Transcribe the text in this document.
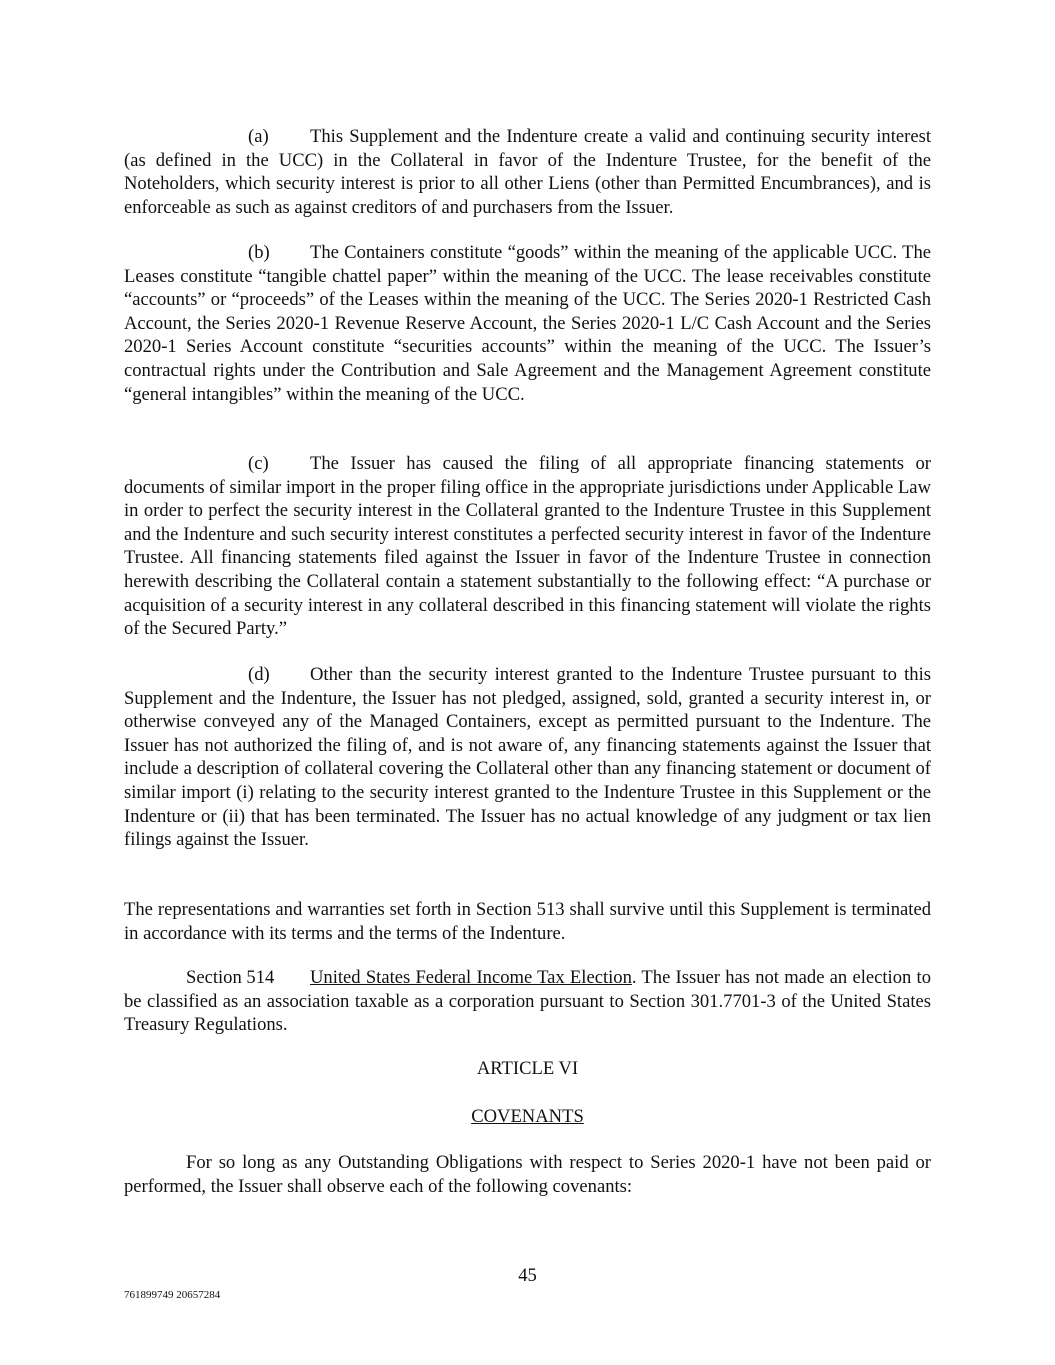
(a) This Supplement and the Indenture create a valid and continuing security interest (as defined in the UCC) in the Collateral in favor of the Indenture Trustee, for the benefit of the Noteholders, which security interest is prior to all other Liens (other than Permitted Encumbrances), and is enforceable as such as against creditors of and purchasers from the Issuer.

(b) The Containers constitute “goods” within the meaning of the applicable UCC. The Leases constitute “tangible chattel paper” within the meaning of the UCC. The lease receivables constitute “accounts” or “proceeds” of the Leases within the meaning of the UCC. The Series 2020-1 Restricted Cash Account, the Series 2020-1 Revenue Reserve Account, the Series 2020-1 L/C Cash Account and the Series 2020-1 Series Account constitute “securities accounts” within the meaning of the UCC. The Issuer’s contractual rights under the Contribution and Sale Agreement and the Management Agreement constitute “general intangibles” within the meaning of the UCC.

(c) The Issuer has caused the filing of all appropriate financing statements or documents of similar import in the proper filing office in the appropriate jurisdictions under Applicable Law in order to perfect the security interest in the Collateral granted to the Indenture Trustee in this Supplement and the Indenture and such security interest constitutes a perfected security interest in favor of the Indenture Trustee. All financing statements filed against the Issuer in favor of the Indenture Trustee in connection herewith describing the Collateral contain a statement substantially to the following effect: “A purchase or acquisition of a security interest in any collateral described in this financing statement will violate the rights of the Secured Party.”

(d) Other than the security interest granted to the Indenture Trustee pursuant to this Supplement and the Indenture, the Issuer has not pledged, assigned, sold, granted a security interest in, or otherwise conveyed any of the Managed Containers, except as permitted pursuant to the Indenture. The Issuer has not authorized the filing of, and is not aware of, any financing statements against the Issuer that include a description of collateral covering the Collateral other than any financing statement or document of similar import (i) relating to the security interest granted to the Indenture Trustee in this Supplement or the Indenture or (ii) that has been terminated. The Issuer has no actual knowledge of any judgment or tax lien filings against the Issuer.

The representations and warranties set forth in Section 513 shall survive until this Supplement is terminated in accordance with its terms and the terms of the Indenture.

Section 514 United States Federal Income Tax Election. The Issuer has not made an election to be classified as an association taxable as a corporation pursuant to Section 301.7701-3 of the United States Treasury Regulations.

ARTICLE VI

COVENANTS

For so long as any Outstanding Obligations with respect to Series 2020-1 have not been paid or performed, the Issuer shall observe each of the following covenants:

45
761899749 20657284
